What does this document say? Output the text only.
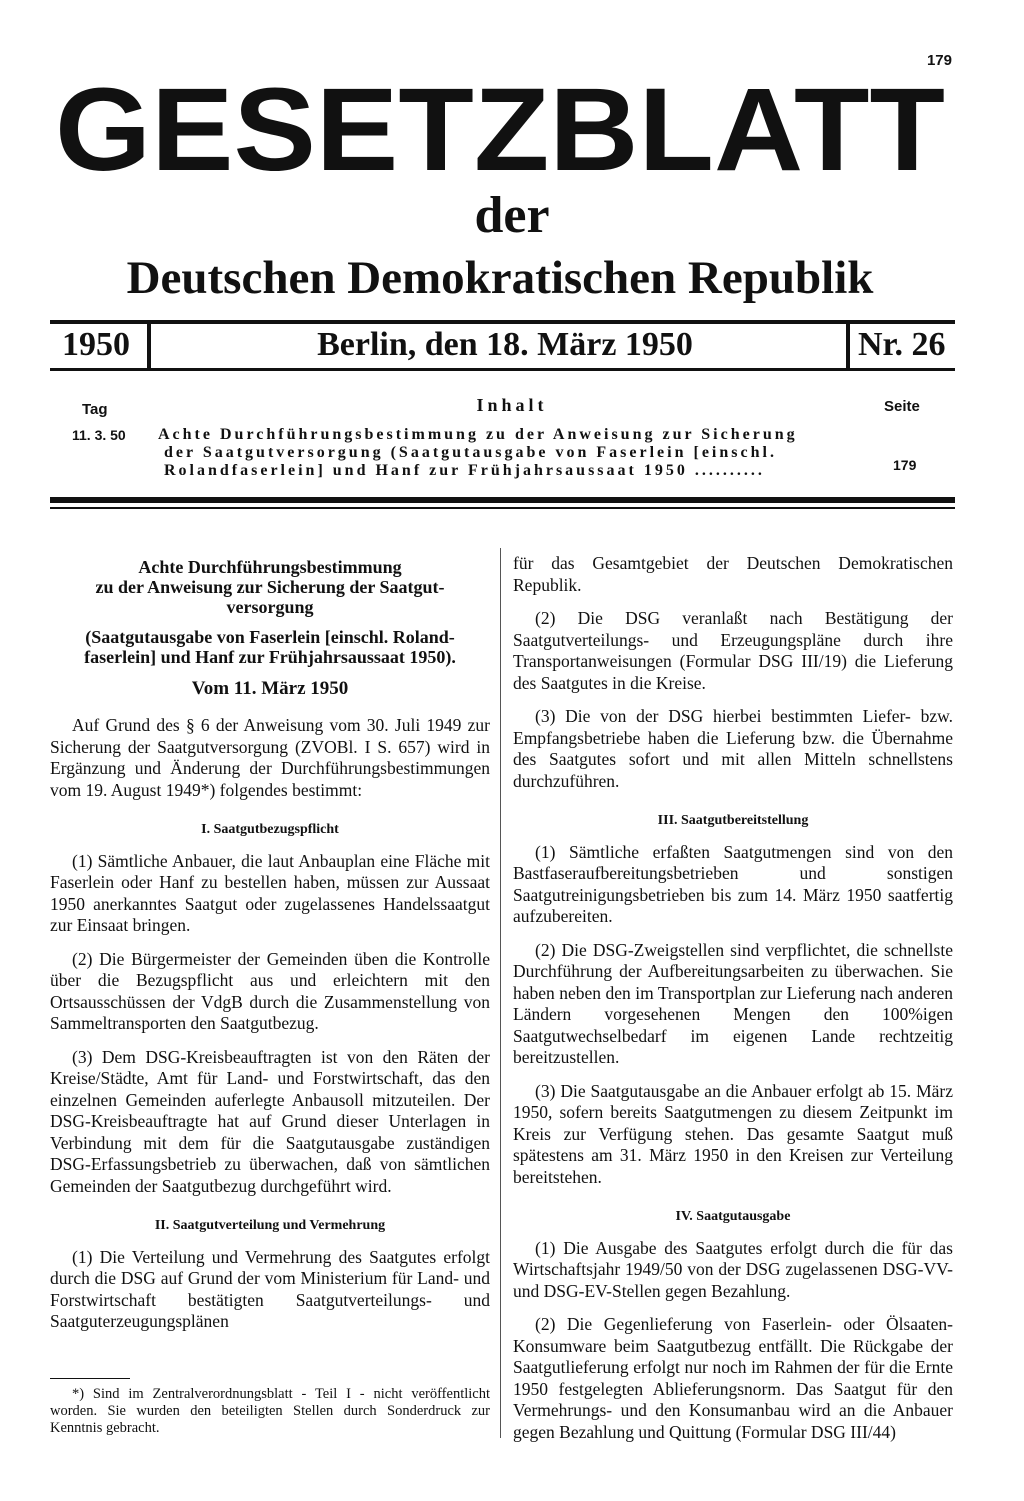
179
GESETZBLATT
der
Deutschen Demokratischen Republik
1950	Berlin, den 18. März 1950	Nr. 26
Tag	Inhalt	Seite
11. 3. 50 Achte Durchführungsbestimmung zu der Anweisung zur Sicherung
der Saatgutversorgung (Saatgutausgabe von Faserlein [einschl.
Rolandfaserlein] und Hanf zur Frühjahrsaussaat 1950 ..........	179
Achte Durchführungsbestimmung
zu der Anweisung zur Sicherung der Saatgut-
versorgung
(Saatgutausgabe von Faserlein [einschl. Roland-
faserlein] und Hanf zur Frühjahrsaussaat 1950).
Vom 11. März 1950

Auf Grund des § 6 der Anweisung vom 30. Juli 1949 zur Sicherung der Saatgutversorgung (ZVOBl. I S. 657) wird in Ergänzung und Änderung der Durchführungsbestimmungen vom 19. August 1949*) folgendes bestimmt:

I. Saatgutbezugspflicht

(1) Sämtliche Anbauer, die laut Anbauplan eine Fläche mit Faserlein oder Hanf zu bestellen haben, müssen zur Aussaat 1950 anerkanntes Saatgut oder zugelassenes Handelssaatgut zur Einsaat bringen.

(2) Die Bürgermeister der Gemeinden üben die Kontrolle über die Bezugspflicht aus und erleichtern mit den Ortsausschüssen der VdgB durch die Zusammenstellung von Sammeltransporten den Saatgutbezug.

(3) Dem DSG-Kreisbeauftragten ist von den Räten der Kreise/Städte, Amt für Land- und Forstwirtschaft, das den einzelnen Gemeinden auferlegte Anbausoll mitzuteilen. Der DSG-Kreisbeauftragte hat auf Grund dieser Unterlagen in Verbindung mit dem für die Saatgutausgabe zuständigen DSG-Erfassungsbetrieb zu überwachen, daß von sämtlichen Gemeinden der Saatgutbezug durchgeführt wird.

II. Saatgutverteilung und Vermehrung

(1) Die Verteilung und Vermehrung des Saatgutes erfolgt durch die DSG auf Grund der vom Ministerium für Land- und Forstwirtschaft bestätigten Saatgutverteilungs- und Saatguterzeugungsplänen

*) Sind im Zentralverordnungsblatt - Teil I - nicht veröffentlicht worden. Sie wurden den beteiligten Stellen durch Sonderdruck zur Kenntnis gebracht.

für das Gesamtgebiet der Deutschen Demokratischen Republik.

(2) Die DSG veranlaßt nach Bestätigung der Saatgutverteilungs- und Erzeugungspläne durch ihre Transportanweisungen (Formular DSG III/19) die Lieferung des Saatgutes in die Kreise.

(3) Die von der DSG hierbei bestimmten Liefer- bzw. Empfangsbetriebe haben die Lieferung bzw. die Übernahme des Saatgutes sofort und mit allen Mitteln schnellstens durchzuführen.

III. Saatgutbereitstellung

(1) Sämtliche erfaßten Saatgutmengen sind von den Bastfaseraufbereitungsbetrieben und sonstigen Saatgutreinigungsbetrieben bis zum 14. März 1950 saatfertig aufzubereiten.

(2) Die DSG-Zweigstellen sind verpflichtet, die schnellste Durchführung der Aufbereitungsarbeiten zu überwachen. Sie haben neben den im Transportplan zur Lieferung nach anderen Ländern vorgesehenen Mengen den 100%igen Saatgutwechselbedarf im eigenen Lande rechtzeitig bereitzustellen.

(3) Die Saatgutausgabe an die Anbauer erfolgt ab 15. März 1950, sofern bereits Saatgutmengen zu diesem Zeitpunkt im Kreis zur Verfügung stehen. Das gesamte Saatgut muß spätestens am 31. März 1950 in den Kreisen zur Verteilung bereitstehen.

IV. Saatgutausgabe

(1) Die Ausgabe des Saatgutes erfolgt durch die für das Wirtschaftsjahr 1949/50 von der DSG zugelassenen DSG-VV- und DSG-EV-Stellen gegen Bezahlung.

(2) Die Gegenlieferung von Faserlein- oder Ölsaaten-Konsumware beim Saatgutbezug entfällt. Die Rückgabe der Saatgutlieferung erfolgt nur noch im Rahmen der für die Ernte 1950 festgelegten Ablieferungsnorm. Das Saatgut für den Vermehrungs- und den Konsumanbau wird an die Anbauer gegen Bezahlung und Quittung (Formular DSG III/44)
